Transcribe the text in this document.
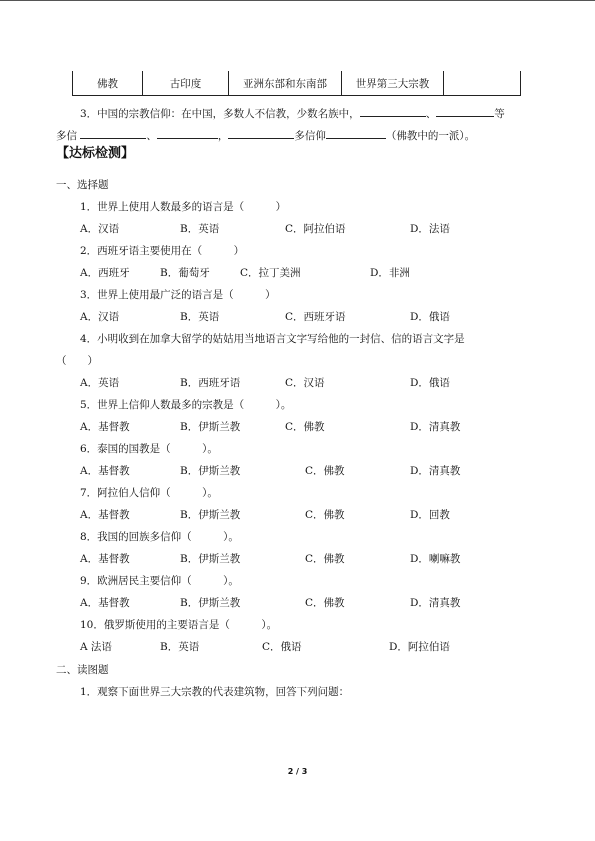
佛教	古印度	亚洲东部和东南部	世界第三大宗教
3．中国的宗教信仰：在中国，多数人不信教，少数名族中，	、	等
多信	、	，	多信仰	（佛教中的一派）。
【达标检测】
一、选择题
1．世界上使用人数最多的语言是（　　　）
A．汉语	B．英语	C．阿拉伯语	D．法语
2．西班牙语主要使用在（　　　）
A．西班牙	B．葡萄牙	C．拉丁美洲	D．非洲
3．世界上使用最广泛的语言是（　　　）
A．汉语	B．英语	C．西班牙语	D．俄语
4．小明收到在加拿大留学的姑姑用当地语言文字写给他的一封信、信的语言文字是
（　　）
A．英语	B．西班牙语	C．汉语	D．俄语
5．世界上信仰人数最多的宗教是（　　　）。
A．基督教	B．伊斯兰教	C．佛教	D．清真教
6．泰国的国教是（　　　）。
A．基督教	B．伊斯兰教	C．佛教	D．清真教
7．阿拉伯人信仰（　　　）。
A．基督教	B．伊斯兰教	C．佛教	D．回教
8．我国的回族多信仰（　　　）。
A．基督教	B．伊斯兰教	C．佛教	D．喇嘛教
9．欧洲居民主要信仰（　　　）。
A．基督教	B．伊斯兰教	C．佛教	D．清真教
10．俄罗斯使用的主要语言是（　　　）。
A 法语	B．英语	C．俄语	D．阿拉伯语
二、读图题
1．观察下面世界三大宗教的代表建筑物，回答下列问题：
2 / 3
